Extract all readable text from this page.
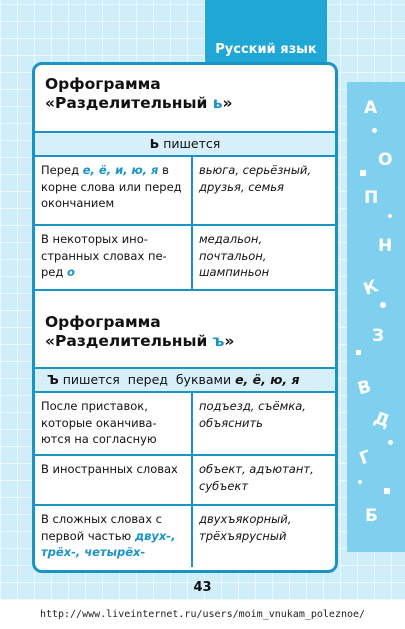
А
О
П
Н
К
З
В
Д
Г
Б
Русский язык
Орфограмма
«Разделительный ь»
Ь пишется
Перед е, ё, и, ю, я в корне слова или перед окончанием	вьюга, серьёзный,
друзья, семья
В некоторых ино- странных словах пе- ред о	медальон,
почтальон,
шампиньон
Орфограмма
«Разделительный ъ»
Ъ пишется  перед  буквами е, ё, ю, я
После приставок, которые оканчива- ются на согласную	подъезд, съёмка,
объяснить
В иностранных словах	объект, адъютант,
субъект
В сложных словах с первой частью двух-, трёх-, четырёх-	двухъякорный,
трёхъярусный
43
http://www.liveinternet.ru/users/moim_vnukam_poleznoe/
